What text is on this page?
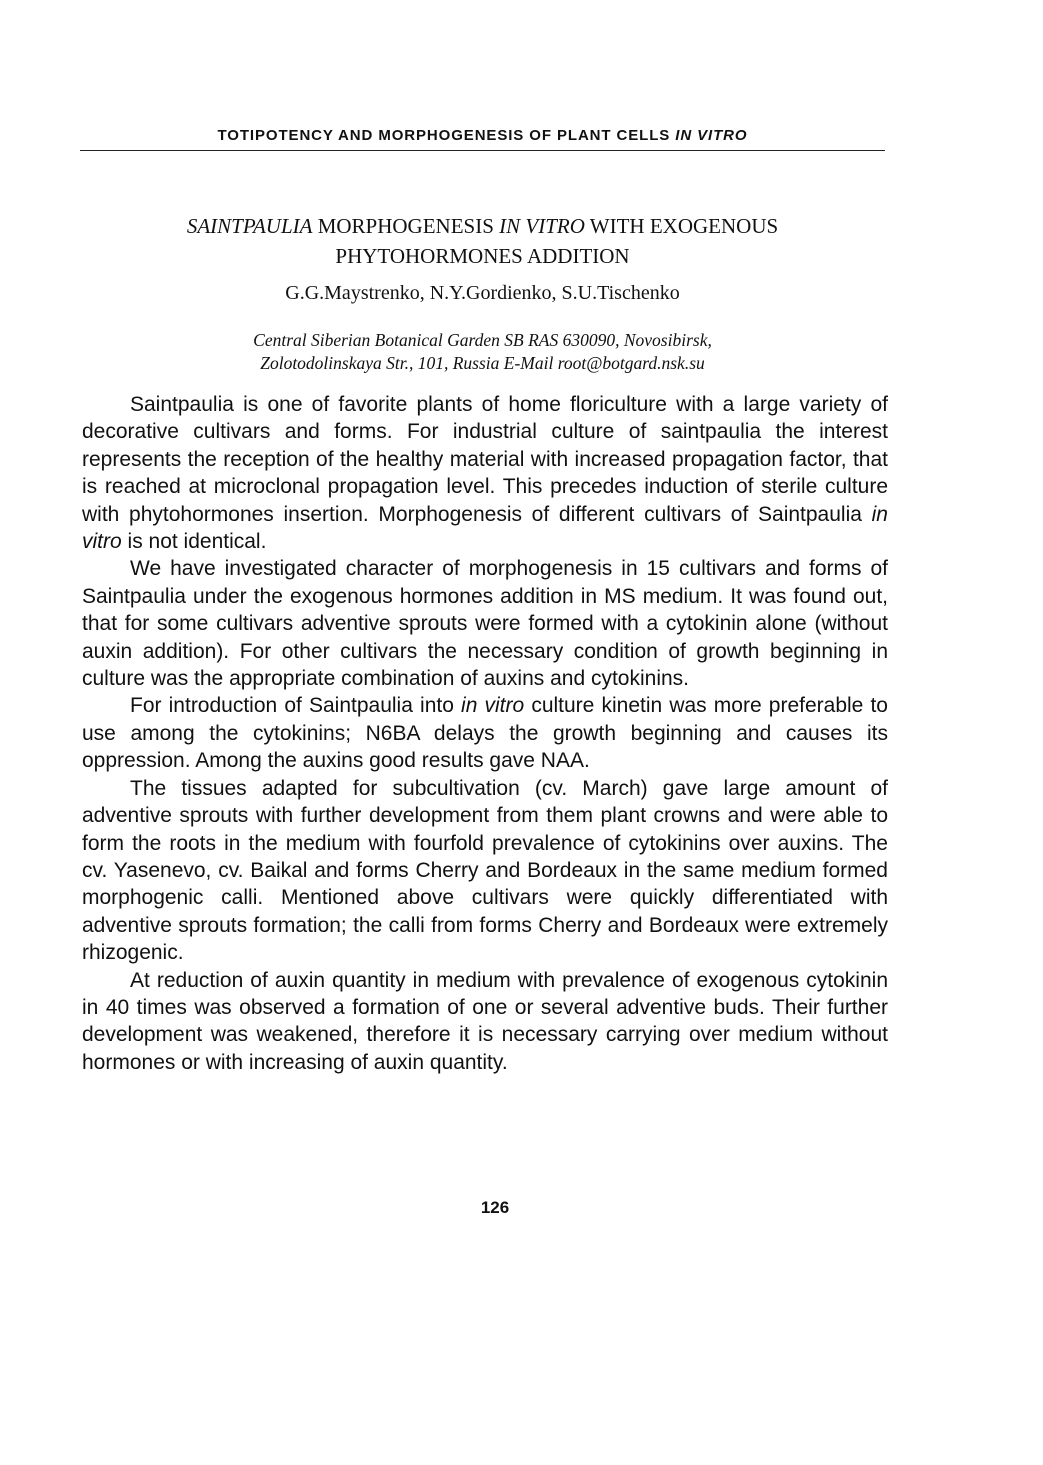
TOTIPOTENCY AND MORPHOGENESIS OF PLANT CELLS IN VITRO
SAINTPAULIA MORPHOGENESIS IN VITRO WITH EXOGENOUS
PHYTOHORMONES ADDITION
G.G.Maystrenko, N.Y.Gordienko, S.U.Tischenko
Central Siberian Botanical Garden SB RAS 630090, Novosibirsk,
Zolotodolinskaya Str., 101, Russia E-Mail root@botgard.nsk.su

Saintpaulia is one of favorite plants of home floriculture with a large variety of decorative cultivars and forms. For industrial culture of saintpaulia the interest represents the reception of the healthy material with increased propagation factor, that is reached at microclonal propagation level. This precedes induction of sterile culture with phytohormones insertion. Morphogenesis of different cultivars of Saintpaulia in vitro is not identical.

We have investigated character of morphogenesis in 15 cultivars and forms of Saintpaulia under the exogenous hormones addition in MS medium. It was found out, that for some cultivars adventive sprouts were formed with a cytokinin alone (without auxin addition). For other cultivars the necessary condition of growth beginning in culture was the appropriate combination of auxins and cytokinins.

For introduction of Saintpaulia into in vitro culture kinetin was more preferable to use among the cytokinins; N6BA delays the growth beginning and causes its oppression. Among the auxins good results gave NAA.

The tissues adapted for subcultivation (cv. March) gave large amount of adventive sprouts with further development from them plant crowns and were able to form the roots in the medium with fourfold prevalence of cytokinins over auxins. The cv. Yasenevo, cv. Baikal and forms Cherry and Bordeaux in the same medium formed morphogenic calli. Mentioned above cultivars were quickly differentiated with adventive sprouts formation; the calli from forms Cherry and Bordeaux were extremely rhizogenic.

At reduction of auxin quantity in medium with prevalence of exogenous cytokinin in 40 times was observed a formation of one or several adventive buds. Their further development was weakened, therefore it is necessary carrying over medium without hormones or with increasing of auxin quantity.

126
